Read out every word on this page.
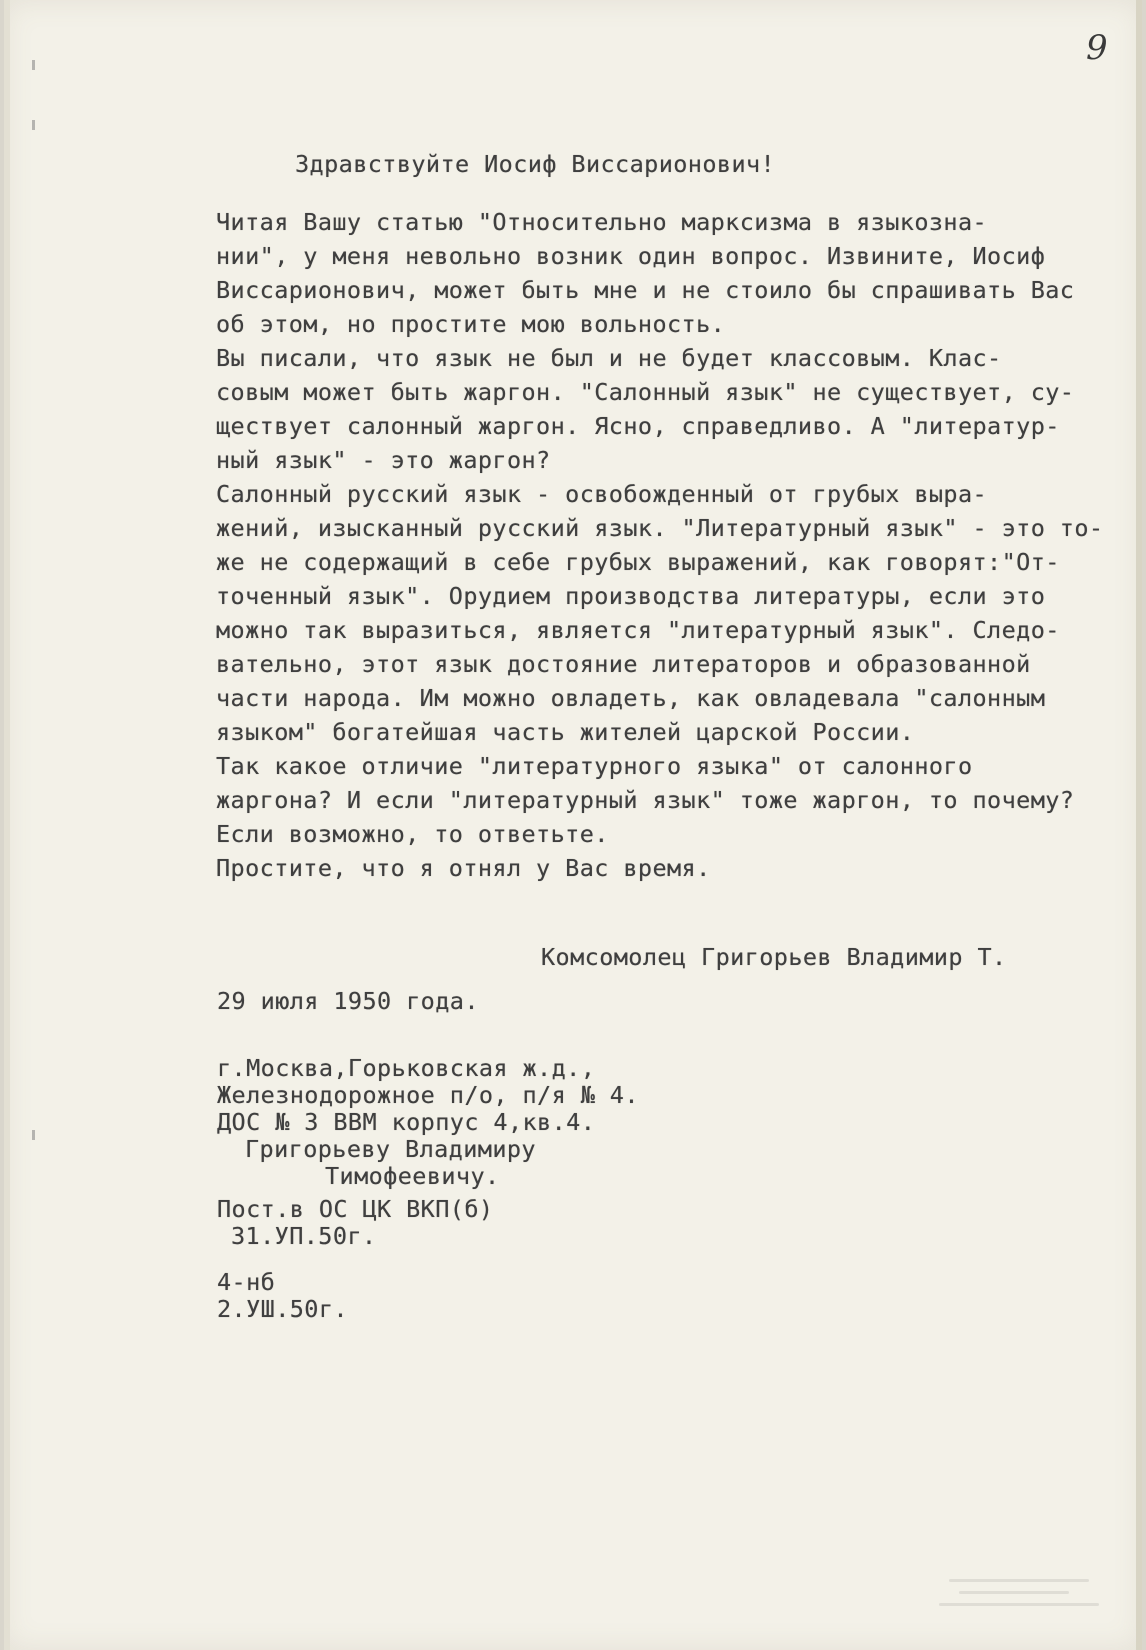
9

Здравствуйте Иосиф Виссарионович!

Читая Вашу статью "Относительно марксизма в языкозна-
нии", у меня невольно возник один вопрос. Извините, Иосиф
Виссарионович, может быть мне и не стоило бы спрашивать Вас
об этом, но простите мою вольность.
Вы писали, что язык не был и не будет классовым. Клас-
совым может быть жаргон. "Салонный язык" не существует, су-
ществует салонный жаргон. Ясно, справедливо. А "литератур-
ный язык" - это жаргон?
Салонный русский язык - освобожденный от грубых выра-
жений, изысканный русский язык. "Литературный язык" - это то-
же не содержащий в себе грубых выражений, как говорят:"От-
точенный язык". Орудием производства литературы, если это
можно так выразиться, является "литературный язык". Следо-
вательно, этот язык достояние литераторов и образованной
части народа. Им можно овладеть, как овладевала "салонным
языком" богатейшая часть жителей царской России.
Так какое отличие "литературного языка" от салонного
жаргона? И если "литературный язык" тоже жаргон, то почему?
Если возможно, то ответьте.
Простите, что я отнял у Вас время.

Комсомолец Григорьев Владимир Т.

29 июля 1950 года.

г.Москва,Горьковская ж.д.,
Железнодорожное п/о, п/я № 4.
ДОС № 3 ВВМ корпус 4,кв.4.
Григорьеву Владимиру
Тимофеевичу.
Пост.в ОС ЦК ВКП(б)
31.УП.50г.
4-нб
2.УШ.50г.
